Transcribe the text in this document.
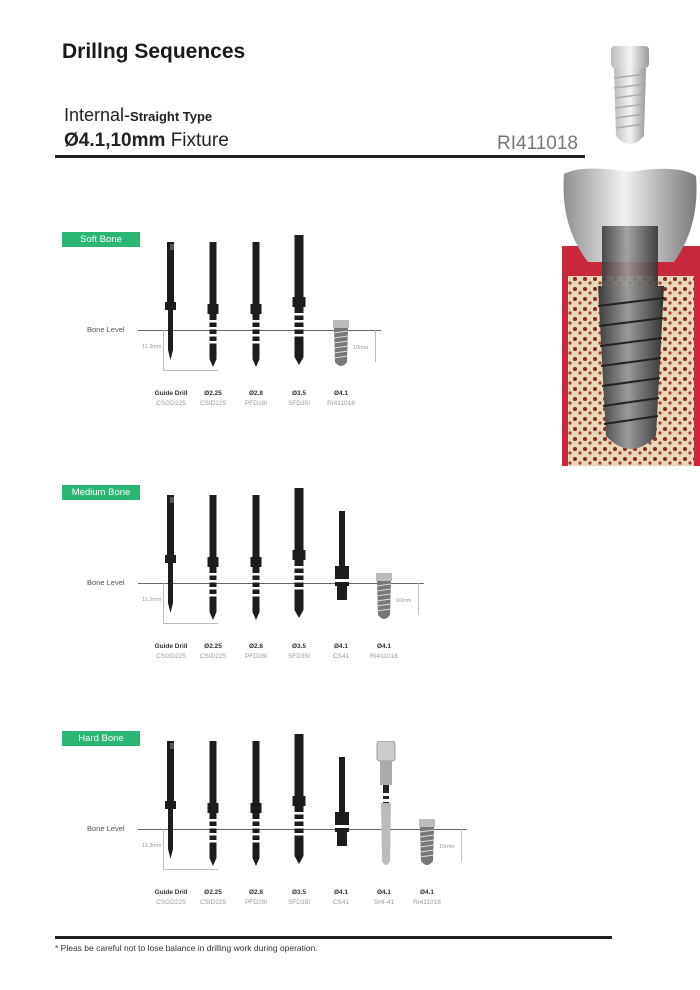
Drillng Sequences
Internal-Straight Type
Ø4.1,10mm Fixture	RI411018
Soft Bone
Bone Level
11.3mm	10mm
Guide Drill
CSGD225
Ø2.25
CSID225
Ø2.8
PFD28I
Ø3.5
SFD35I
Ø4.1
RI411018
Medium Bone
Bone Level
11.3mm	10mm
Guide Drill
CSGD225
Ø2.25
CSID225
Ø2.8
PFD28I
Ø3.5
SFD35I
Ø4.1
CS41
Ø4.1
RI411018
Hard Bone
Bone Level
11.3mm	10mm
Guide Drill
CSGD225
Ø2.25
CSID225
Ø2.8
PFD28I
Ø3.5
SFD35I
Ø4.1
CS41
Ø4.1
SHI-41
Ø4.1
RI411018
* Pleas be careful not to lose balance in drilling work during operation.
